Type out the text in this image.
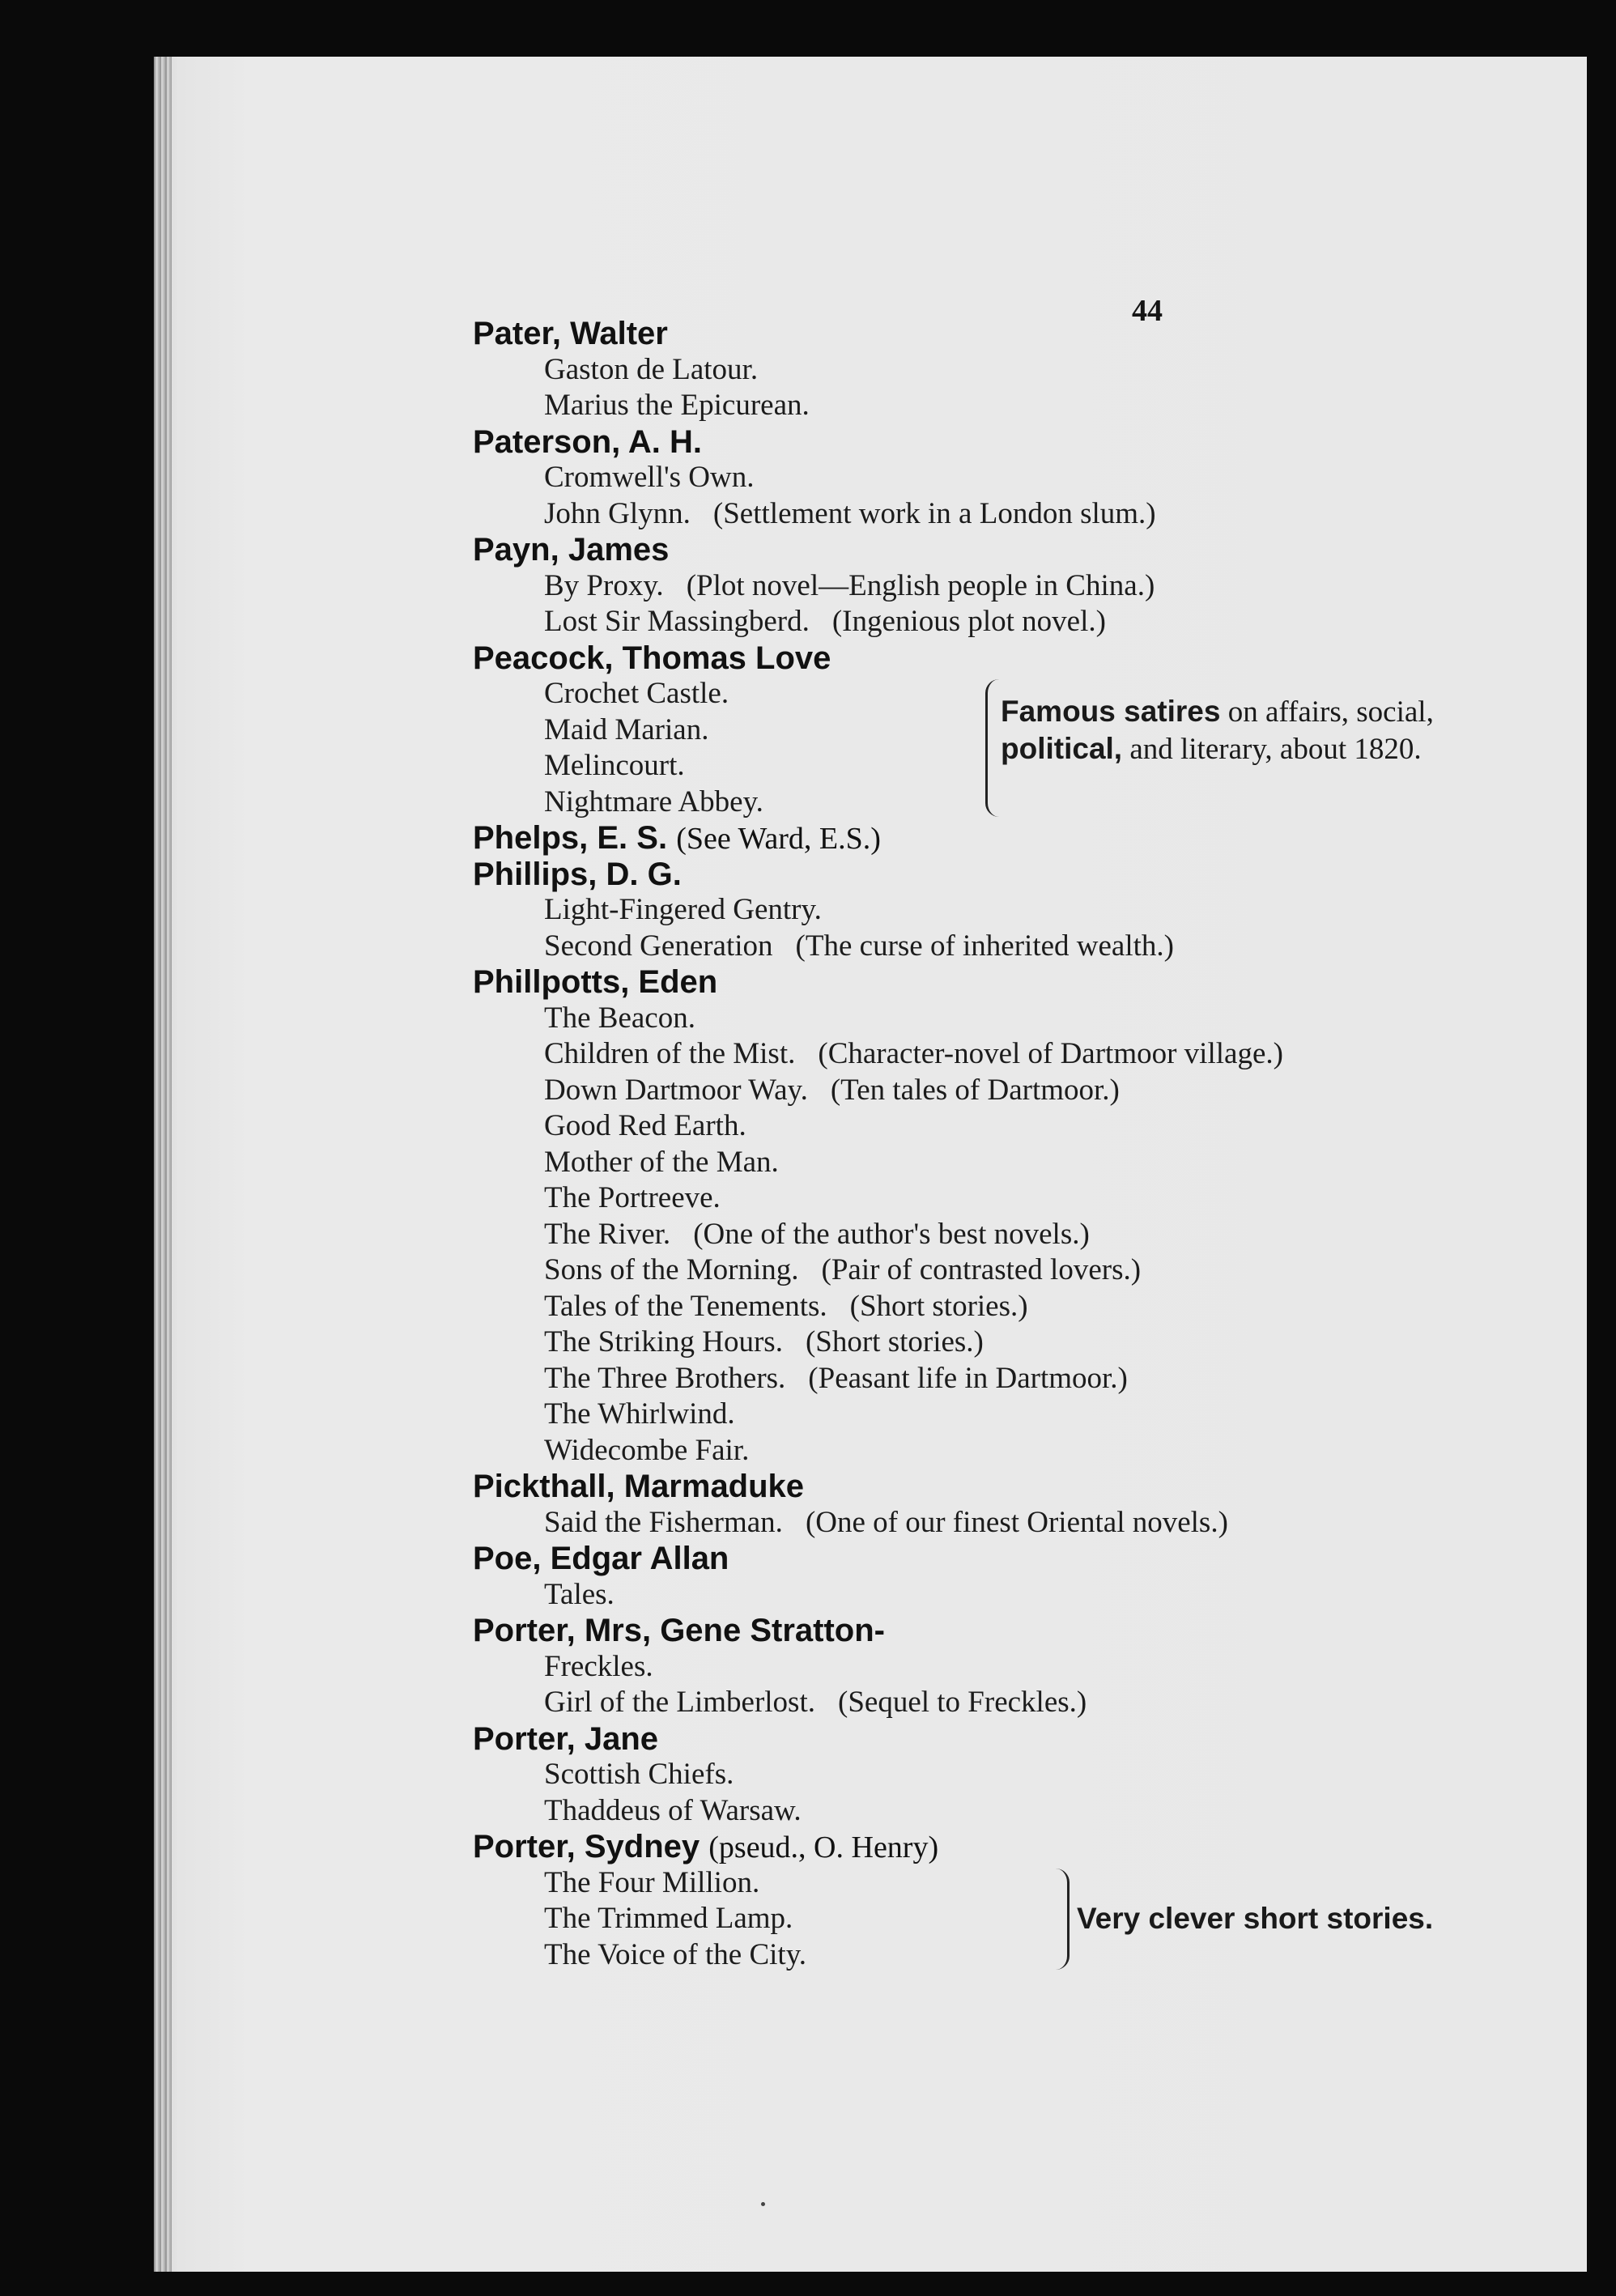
44
Pater, Walter
Gaston de Latour.
Marius the Epicurean.
Paterson, A. H.
Cromwell's Own.
John Glynn. (Settlement work in a London slum.)
Payn, James
By Proxy. (Plot novel—English people in China.)
Lost Sir Massingberd. (Ingenious plot novel.)
Peacock, Thomas Love
Crochet Castle.
Maid Marian.
Melincourt.
Nightmare Abbey.
Famous satires on affairs, social,
political, and literary, about 1820.
Phelps, E. S. (See Ward, E.S.)
Phillips, D. G.
Light-Fingered Gentry.
Second Generation (The curse of inherited wealth.)
Phillpotts, Eden
The Beacon.
Children of the Mist. (Character-novel of Dartmoor village.)
Down Dartmoor Way. (Ten tales of Dartmoor.)
Good Red Earth.
Mother of the Man.
The Portreeve.
The River. (One of the author's best novels.)
Sons of the Morning. (Pair of contrasted lovers.)
Tales of the Tenements. (Short stories.)
The Striking Hours. (Short stories.)
The Three Brothers. (Peasant life in Dartmoor.)
The Whirlwind.
Widecombe Fair.
Pickthall, Marmaduke
Said the Fisherman. (One of our finest Oriental novels.)
Poe, Edgar Allan
Tales.
Porter, Mrs, Gene Stratton-
Freckles.
Girl of the Limberlost. (Sequel to Freckles.)
Porter, Jane
Scottish Chiefs.
Thaddeus of Warsaw.
Porter, Sydney (pseud., O. Henry)
The Four Million.
The Trimmed Lamp.
The Voice of the City.
Very clever short stories.
